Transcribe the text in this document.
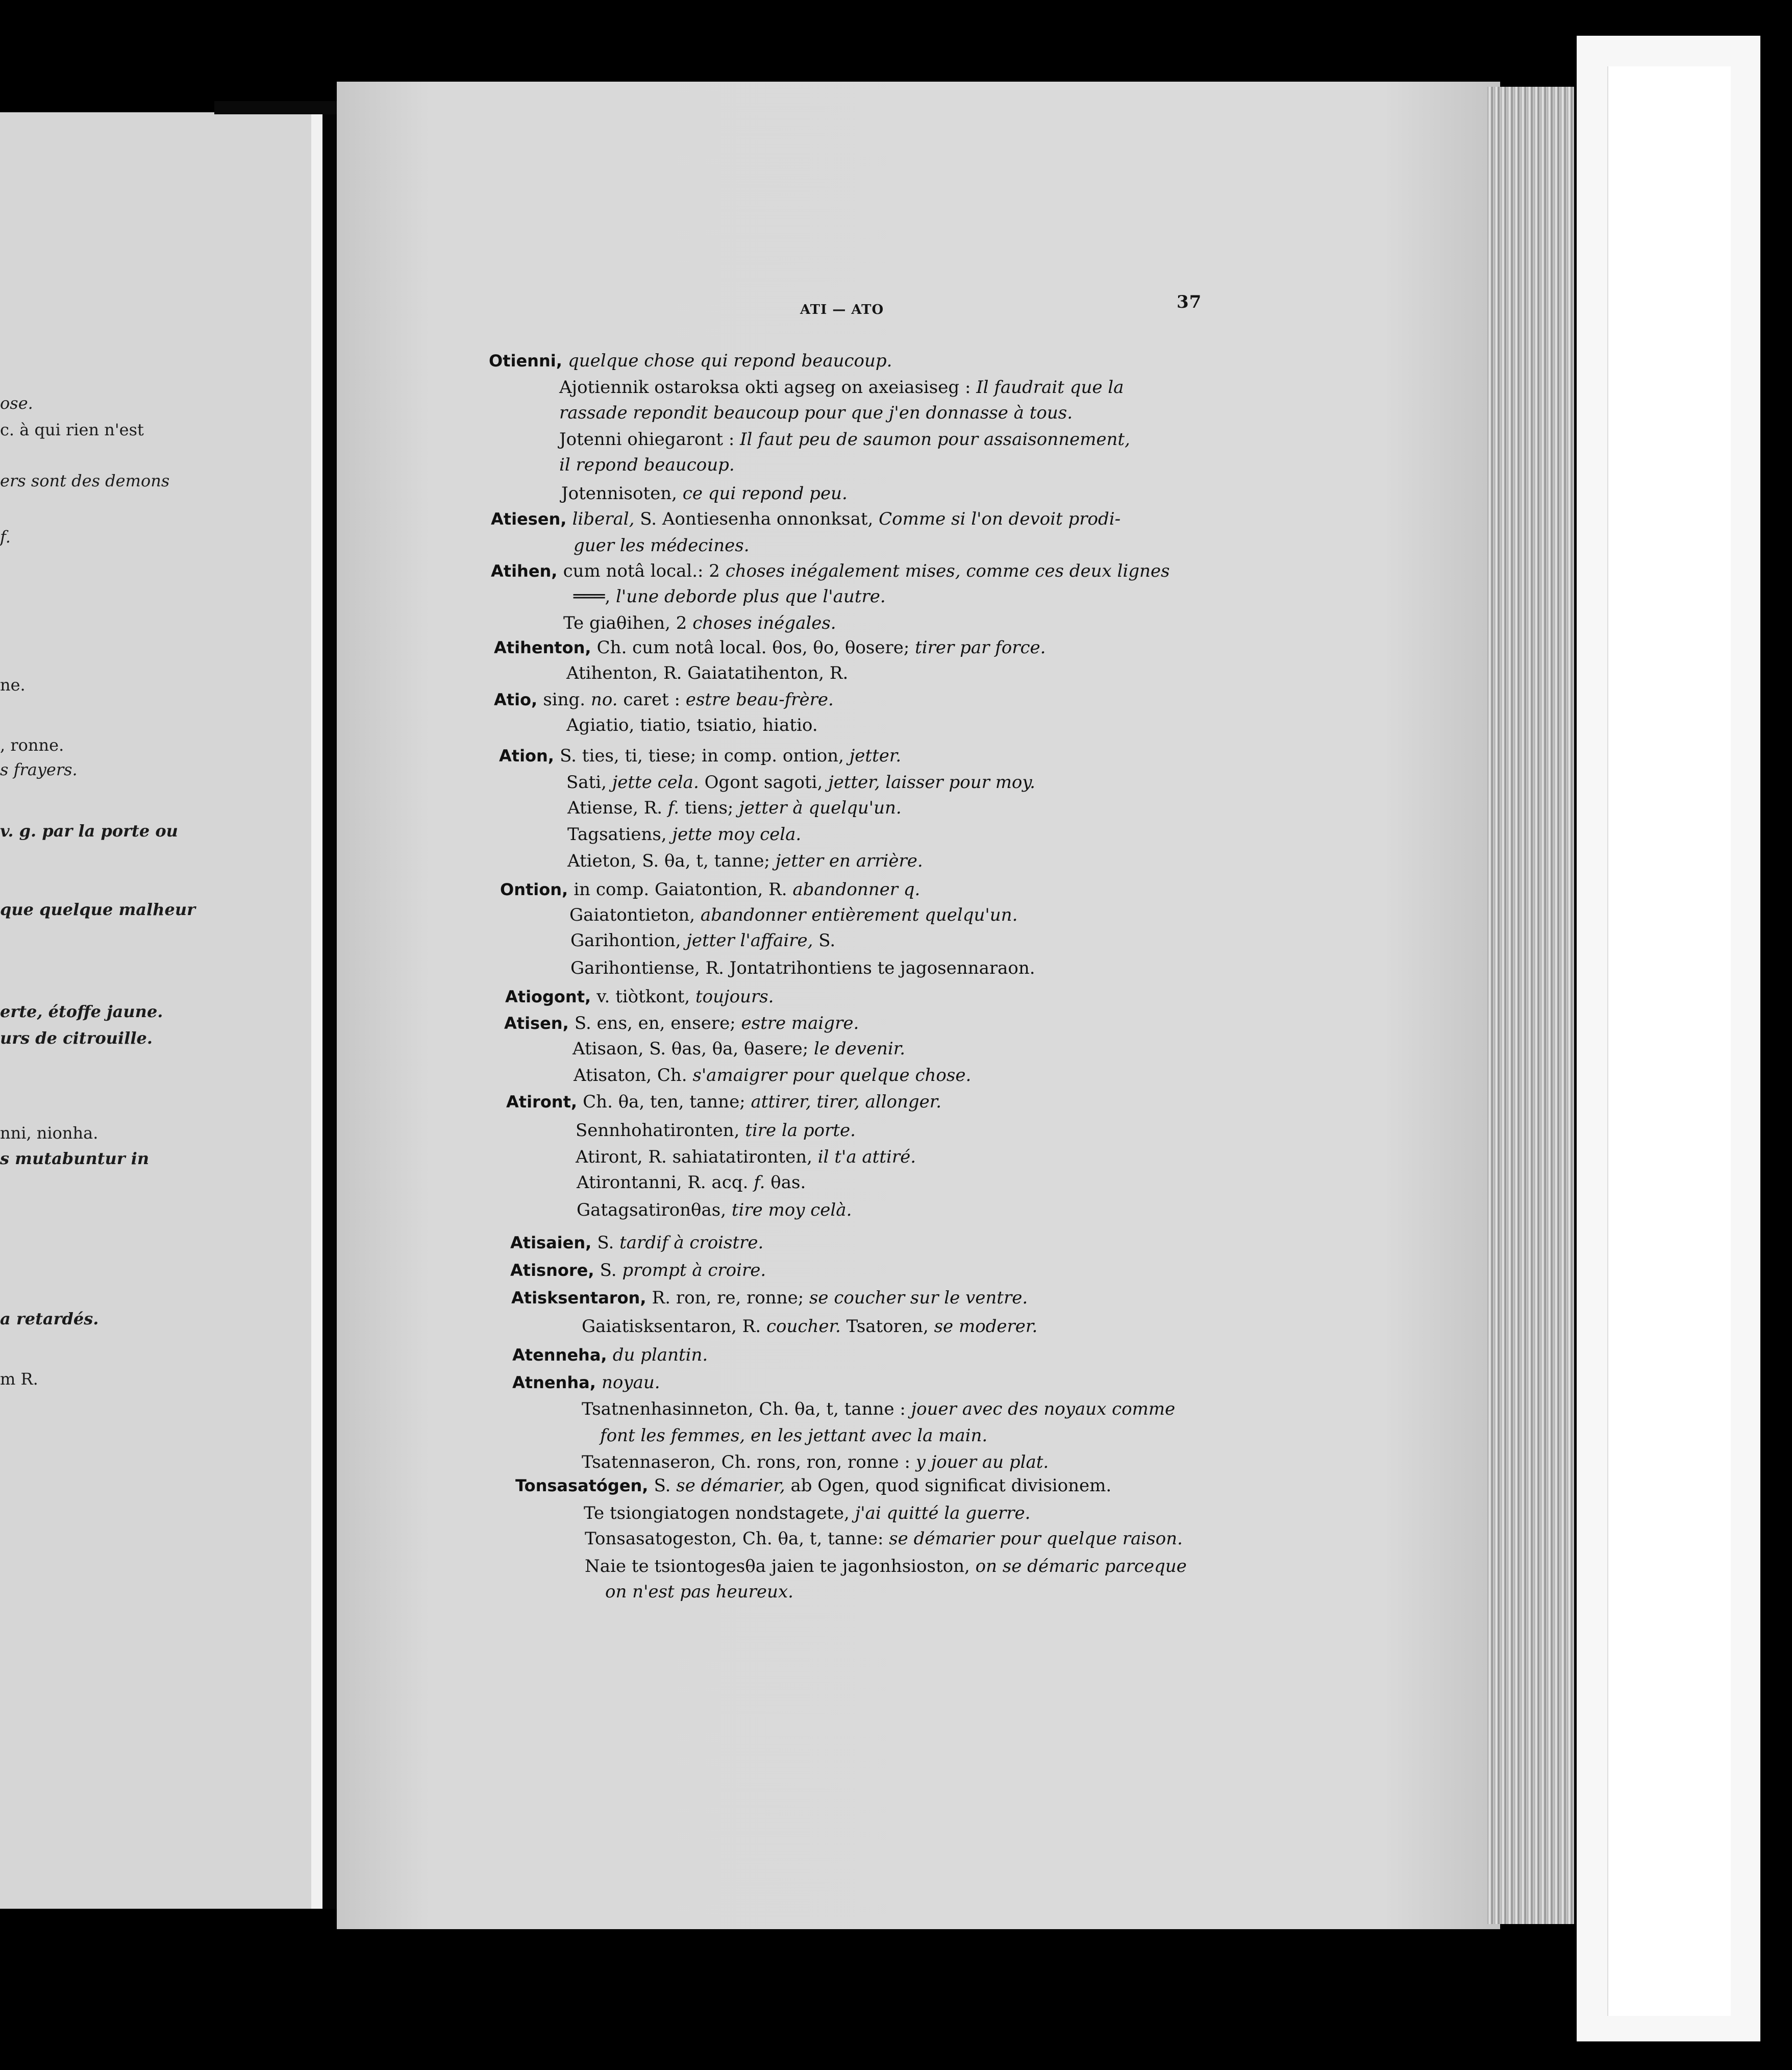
ose.
c. à qui rien n'est
ers sont des demons
f.
ne.
, ronne.
s frayers.
v. g. par la porte ou
que quelque malheur
erte, étoffe jaune.
urs de citrouille.
nni, nionha.
s mutabuntur in
a retardés.
m R.
ATI — ATO	37
Otienni, quelque chose qui repond beaucoup.
Ajotiennik ostaroksa okti agseg on axeiasiseg : Il faudrait que la
rassade repondit beaucoup pour que j'en donnasse à tous.
Jotenni ohiegaront : Il faut peu de saumon pour assaisonnement,
il repond beaucoup.
Jotennisoten, ce qui repond peu.
Atiesen, liberal, S. Aontiesenha onnonksat, Comme si l'on devoit prodi-
guer les médecines.
Atihen, cum notâ local.: 2 choses inégalement mises, comme ces deux lignes
═══, l'une deborde plus que l'autre.
Te giaθihen, 2 choses inégales.
Atihenton, Ch. cum notâ local. θos, θo, θosere; tirer par force.
Atihenton, R. Gaiatatihenton, R.
Atio, sing. no. caret : estre beau-frère.
Agiatio, tiatio, tsiatio, hiatio.
Ation, S. ties, ti, tiese; in comp. ontion, jetter.
Sati, jette cela. Ogont sagoti, jetter, laisser pour moy.
Atiense, R. f. tiens; jetter à quelqu'un.
Tagsatiens, jette moy cela.
Atieton, S. θa, t, tanne; jetter en arrière.
Ontion, in comp. Gaiatontion, R. abandonner q.
Gaiatontieton, abandonner entièrement quelqu'un.
Garihontion, jetter l'affaire, S.
Garihontiense, R. Jontatrihontiens te jagosennaraon.
Atiogont, v. tiòtkont, toujours.
Atisen, S. ens, en, ensere; estre maigre.
Atisaon, S. θas, θa, θasere; le devenir.
Atisaton, Ch. s'amaigrer pour quelque chose.
Atiront, Ch. θa, ten, tanne; attirer, tirer, allonger.
Sennhohatironten, tire la porte.
Atiront, R. sahiatatironten, il t'a attiré.
Atirontanni, R. acq. f. θas.
Gatagsatironθas, tire moy celà.
Atisaien, S. tardif à croistre.
Atisnore, S. prompt à croire.
Atisksentaron, R. ron, re, ronne; se coucher sur le ventre.
Gaiatisksentaron, R. coucher. Tsatoren, se moderer.
Atenneha, du plantin.
Atnenha, noyau.
Tsatnenhasinneton, Ch. θa, t, tanne : jouer avec des noyaux comme
font les femmes, en les jettant avec la main.
Tsatennaseron, Ch. rons, ron, ronne : y jouer au plat.
Tonsasatógen, S. se démarier, ab Ogen, quod significat divisionem.
Te tsiongiatogen nondstagete, j'ai quitté la guerre.
Tonsasatogeston, Ch. θa, t, tanne: se démarier pour quelque raison.
Naie te tsiontogesθa jaien te jagonhsioston, on se démaric parceque
on n'est pas heureux.
